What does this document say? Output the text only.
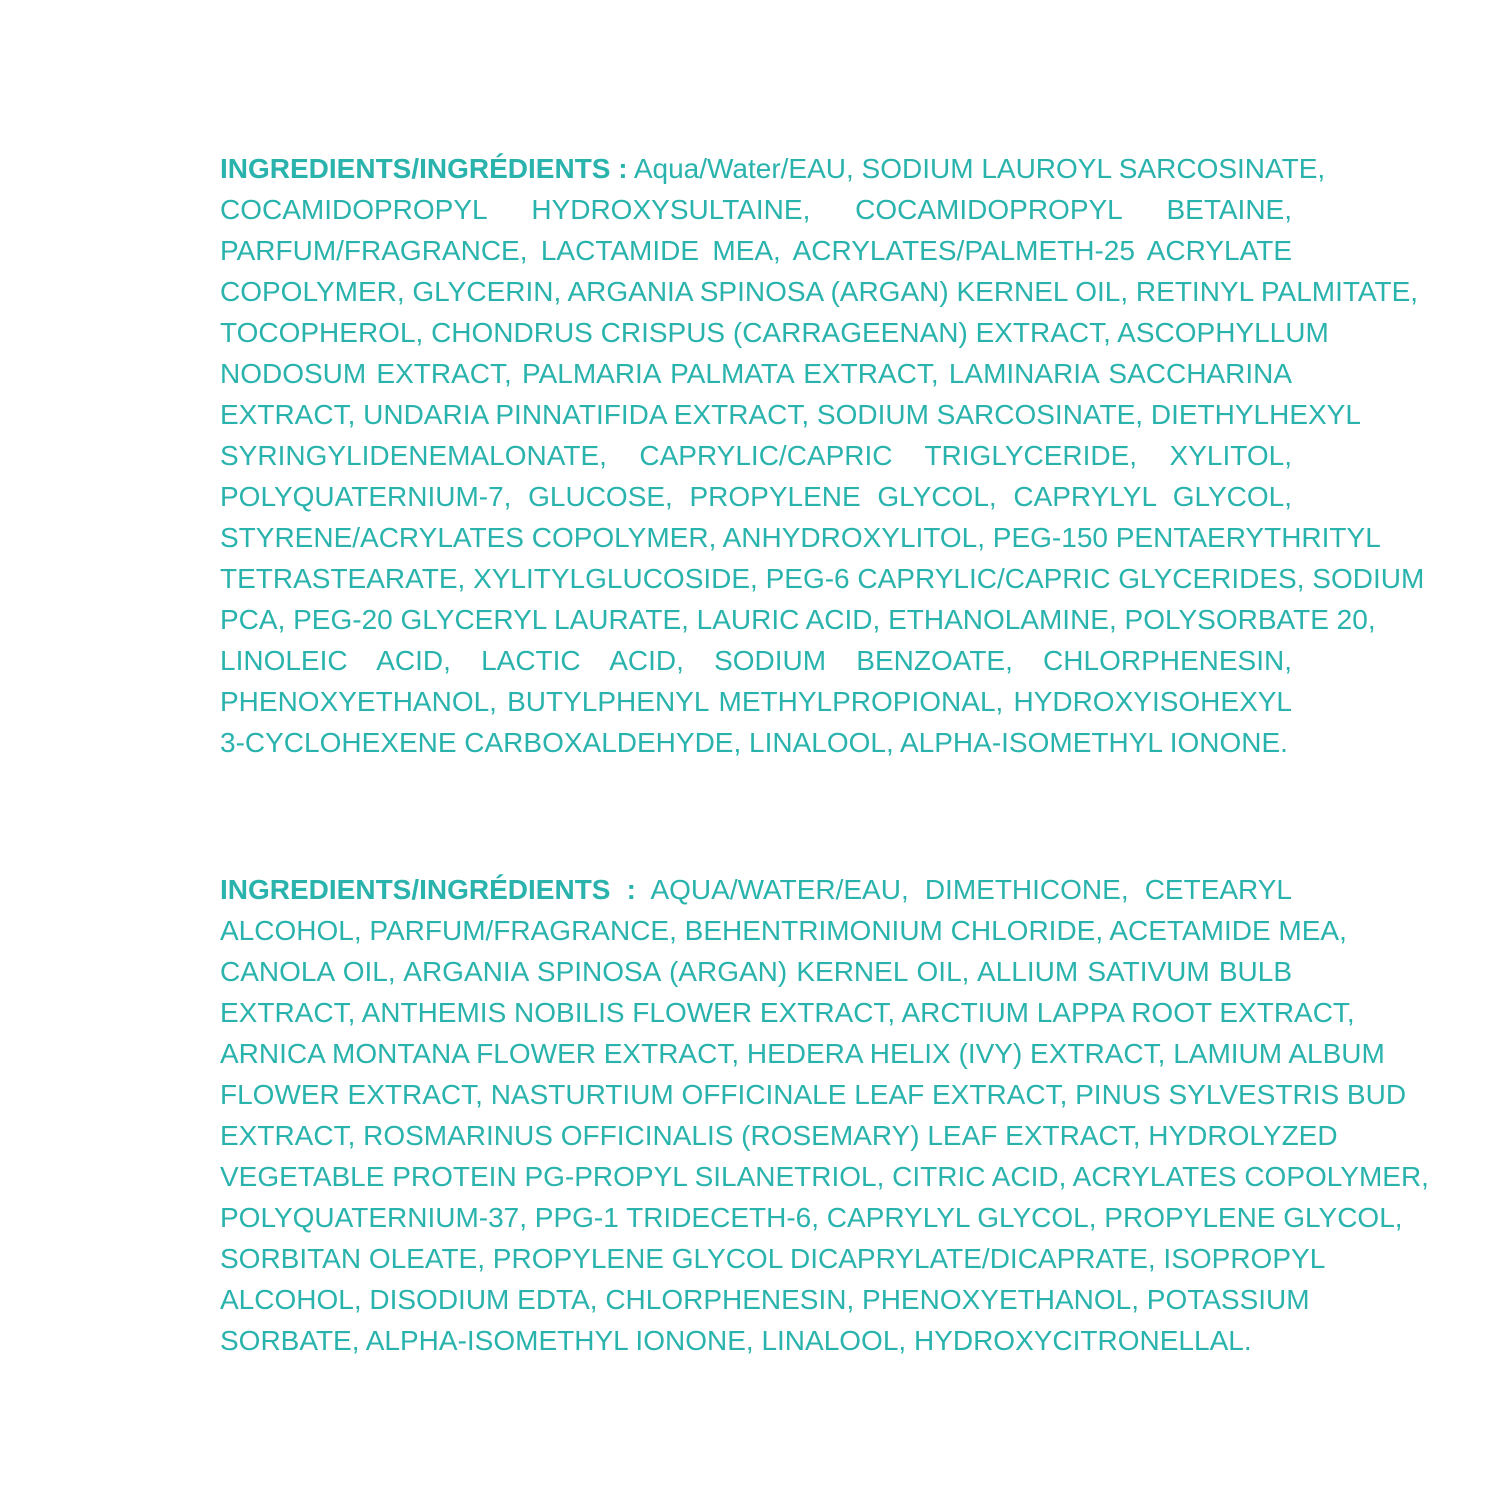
INGREDIENTS/INGRÉDIENTS : Aqua/Water/EAU, SODIUM LAUROYL SARCOSINATE,
COCAMIDOPROPYL HYDROXYSULTAINE, COCAMIDOPROPYL BETAINE,
PARFUM/FRAGRANCE, LACTAMIDE MEA, ACRYLATES/PALMETH-25 ACRYLATE
COPOLYMER, GLYCERIN, ARGANIA SPINOSA (ARGAN) KERNEL OIL, RETINYL PALMITATE,
TOCOPHEROL, CHONDRUS CRISPUS (CARRAGEENAN) EXTRACT, ASCOPHYLLUM
NODOSUM EXTRACT, PALMARIA PALMATA EXTRACT, LAMINARIA SACCHARINA
EXTRACT, UNDARIA PINNATIFIDA EXTRACT, SODIUM SARCOSINATE, DIETHYLHEXYL
SYRINGYLIDENEMALONATE, CAPRYLIC/CAPRIC TRIGLYCERIDE, XYLITOL,
POLYQUATERNIUM-7, GLUCOSE, PROPYLENE GLYCOL, CAPRYLYL GLYCOL,
STYRENE/ACRYLATES COPOLYMER, ANHYDROXYLITOL, PEG-150 PENTAERYTHRITYL
TETRASTEARATE, XYLITYLGLUCOSIDE, PEG-6 CAPRYLIC/CAPRIC GLYCERIDES, SODIUM
PCA, PEG-20 GLYCERYL LAURATE, LAURIC ACID, ETHANOLAMINE, POLYSORBATE 20,
LINOLEIC ACID, LACTIC ACID, SODIUM BENZOATE, CHLORPHENESIN,
PHENOXYETHANOL, BUTYLPHENYL METHYLPROPIONAL, HYDROXYISOHEXYL
3-CYCLOHEXENE CARBOXALDEHYDE, LINALOOL, ALPHA-ISOMETHYL IONONE.
INGREDIENTS/INGRÉDIENTS : AQUA/WATER/EAU, DIMETHICONE, CETEARYL
ALCOHOL, PARFUM/FRAGRANCE, BEHENTRIMONIUM CHLORIDE, ACETAMIDE MEA,
CANOLA OIL, ARGANIA SPINOSA (ARGAN) KERNEL OIL, ALLIUM SATIVUM BULB
EXTRACT, ANTHEMIS NOBILIS FLOWER EXTRACT, ARCTIUM LAPPA ROOT EXTRACT,
ARNICA MONTANA FLOWER EXTRACT, HEDERA HELIX (IVY) EXTRACT, LAMIUM ALBUM
FLOWER EXTRACT, NASTURTIUM OFFICINALE LEAF EXTRACT, PINUS SYLVESTRIS BUD
EXTRACT, ROSMARINUS OFFICINALIS (ROSEMARY) LEAF EXTRACT, HYDROLYZED
VEGETABLE PROTEIN PG-PROPYL SILANETRIOL, CITRIC ACID, ACRYLATES COPOLYMER,
POLYQUATERNIUM-37, PPG-1 TRIDECETH-6, CAPRYLYL GLYCOL, PROPYLENE GLYCOL,
SORBITAN OLEATE, PROPYLENE GLYCOL DICAPRYLATE/DICAPRATE, ISOPROPYL
ALCOHOL, DISODIUM EDTA, CHLORPHENESIN, PHENOXYETHANOL, POTASSIUM
SORBATE, ALPHA-ISOMETHYL IONONE, LINALOOL, HYDROXYCITRONELLAL.
